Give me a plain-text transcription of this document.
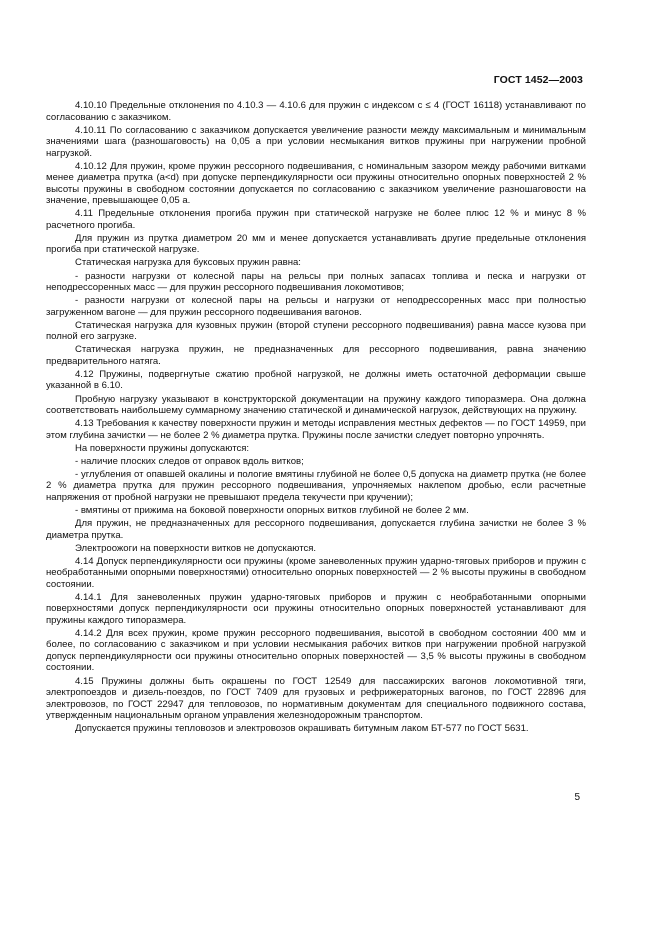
ГОСТ 1452—2003

4.10.10 Предельные отклонения по 4.10.3 — 4.10.6 для пружин с индексом c ≤ 4 (ГОСТ 16118) устанавливают по согласованию с заказчиком.

4.10.11 По согласованию с заказчиком допускается увеличение разности между максимальным и минимальным значениями шага (разношаговость) на 0,05 a при условии несмыкания витков пружины при нагружении пробной нагрузкой.

4.10.12 Для пружин, кроме пружин рессорного подвешивания, с номинальным зазором между рабочими витками менее диаметра прутка (a<d) при допуске перпендикулярности оси пружины относительно опорных поверхностей 2 % высоты пружины в свободном состоянии допускается по согласованию с заказчиком увеличение разношаговости на значение, превышающее 0,05 a.

4.11 Предельные отклонения прогиба пружин при статической нагрузке не более плюс 12 % и минус 8 % расчетного прогиба.

Для пружин из прутка диаметром 20 мм и менее допускается устанавливать другие предельные отклонения прогиба при статической нагрузке.

Статическая нагрузка для буксовых пружин равна:

- разности нагрузки от колесной пары на рельсы при полных запасах топлива и песка и нагрузки от неподрессоренных масс — для пружин рессорного подвешивания локомотивов;

- разности нагрузки от колесной пары на рельсы и нагрузки от неподрессоренных масс при полностью загруженном вагоне — для пружин рессорного подвешивания вагонов.

Статическая нагрузка для кузовных пружин (второй ступени рессорного подвешивания) равна массе кузова при полной его загрузке.

Статическая нагрузка пружин, не предназначенных для рессорного подвешивания, равна значению предварительного натяга.

4.12 Пружины, подвергнутые сжатию пробной нагрузкой, не должны иметь остаточной деформации свыше указанной в 6.10.

Пробную нагрузку указывают в конструкторской документации на пружину каждого типоразмера. Она должна соответствовать наибольшему суммарному значению статической и динамической нагрузок, действующих на пружину.

4.13 Требования к качеству поверхности пружин и методы исправления местных дефектов — по ГОСТ 14959, при этом глубина зачистки — не более 2 % диаметра прутка. Пружины после зачистки следует повторно упрочнять.

На поверхности пружины допускаются:

- наличие плоских следов от оправок вдоль витков;

- углубления от опавшей окалины и пологие вмятины глубиной не более 0,5 допуска на диаметр прутка (не более 2 % диаметра прутка для пружин рессорного подвешивания, упрочняемых наклепом дробью, если расчетные напряжения от пробной нагрузки не превышают предела текучести при кручении);

- вмятины от прижима на боковой поверхности опорных витков глубиной не более 2 мм.

Для пружин, не предназначенных для рессорного подвешивания, допускается глубина зачистки не более 3 % диаметра прутка.

Электроожоги на поверхности витков не допускаются.

4.14 Допуск перпендикулярности оси пружины (кроме заневоленных пружин ударно-тяговых приборов и пружин с необработанными опорными поверхностями) относительно опорных поверхностей — 2 % высоты пружины в свободном состоянии.

4.14.1 Для заневоленных пружин ударно-тяговых приборов и пружин с необработанными опорными поверхностями допуск перпендикулярности оси пружины относительно опорных поверхностей устанавливают для пружины каждого типоразмера.

4.14.2 Для всех пружин, кроме пружин рессорного подвешивания, высотой в свободном состоянии 400 мм и более, по согласованию с заказчиком и при условии несмыкания рабочих витков при нагружении пробной нагрузкой допуск перпендикулярности оси пружины относительно опорных поверхностей — 3,5 % высоты пружины в свободном состоянии.

4.15 Пружины должны быть окрашены по ГОСТ 12549 для пассажирских вагонов локомотивной тяги, электропоездов и дизель-поездов, по ГОСТ 7409 для грузовых и рефрижераторных вагонов, по ГОСТ 22896 для электровозов, по ГОСТ 22947 для тепловозов, по нормативным документам для специального подвижного состава, утвержденным национальным органом управления железнодорожным транспортом.

Допускается пружины тепловозов и электровозов окрашивать битумным лаком БТ-577 по ГОСТ 5631.

5
